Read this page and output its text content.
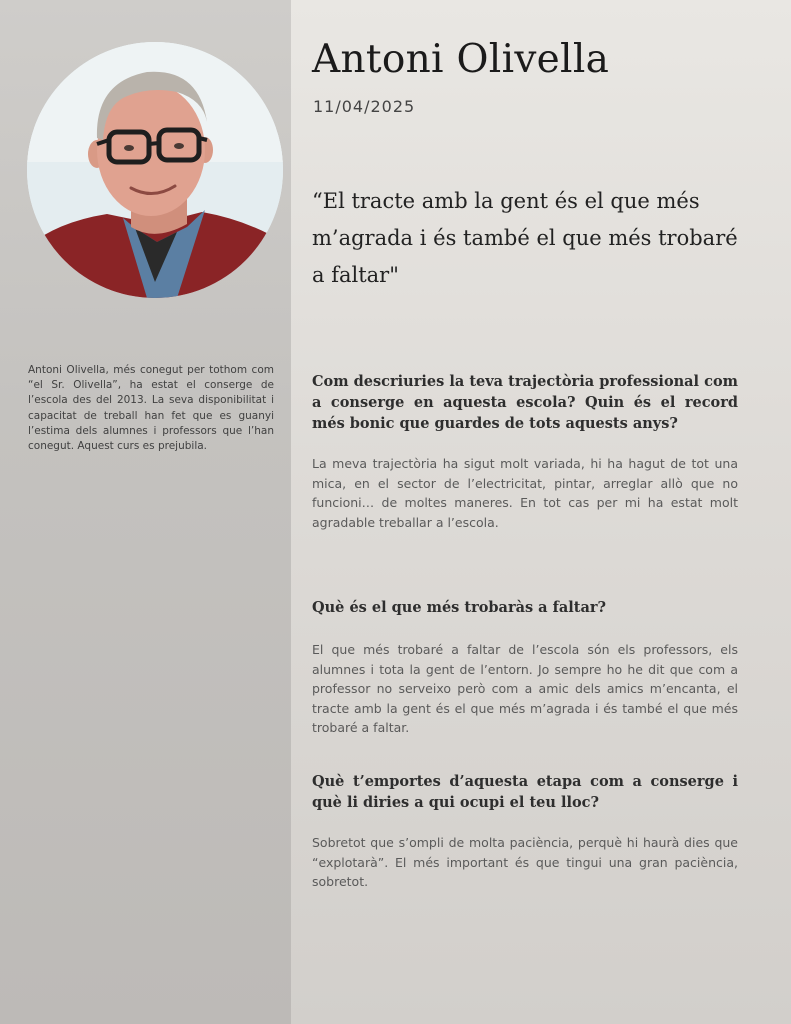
Antoni Olivella, més conegut per tothom com “el Sr. Olivella”, ha estat el conserge de l’escola des del 2013. La seva disponibilitat i capacitat de treball han fet que es guanyi l’estima dels alumnes i professors que l’han conegut. Aquest curs es prejubila.

Antoni Olivella
11/04/2025

“El tracte amb la gent és el que més m’agrada i és també el que més trobaré a faltar"

Com descriuries la teva trajectòria professional com a conserge en aquesta escola? Quin és el record més bonic que guardes de tots aquests anys?

La meva trajectòria ha sigut molt variada, hi ha hagut de tot una mica, en el sector de l’electricitat, pintar, arreglar allò que no funcioni… de moltes maneres. En tot cas per mi ha estat molt agradable treballar a l’escola.

Què és el que més trobaràs a faltar?

El que més trobaré a faltar de l’escola són els professors, els alumnes i tota la gent de l’entorn. Jo sempre ho he dit que com a professor no serveixo però com a amic dels amics m’encanta, el tracte amb la gent és el que més m’agrada i és també el que més trobaré a faltar.

Què t’emportes d’aquesta etapa com a conserge i què li diries a qui ocupi el teu lloc?

Sobretot que s’ompli de molta paciència, perquè hi haurà dies que “explotarà”. El més important és que tingui una gran paciència, sobretot.
